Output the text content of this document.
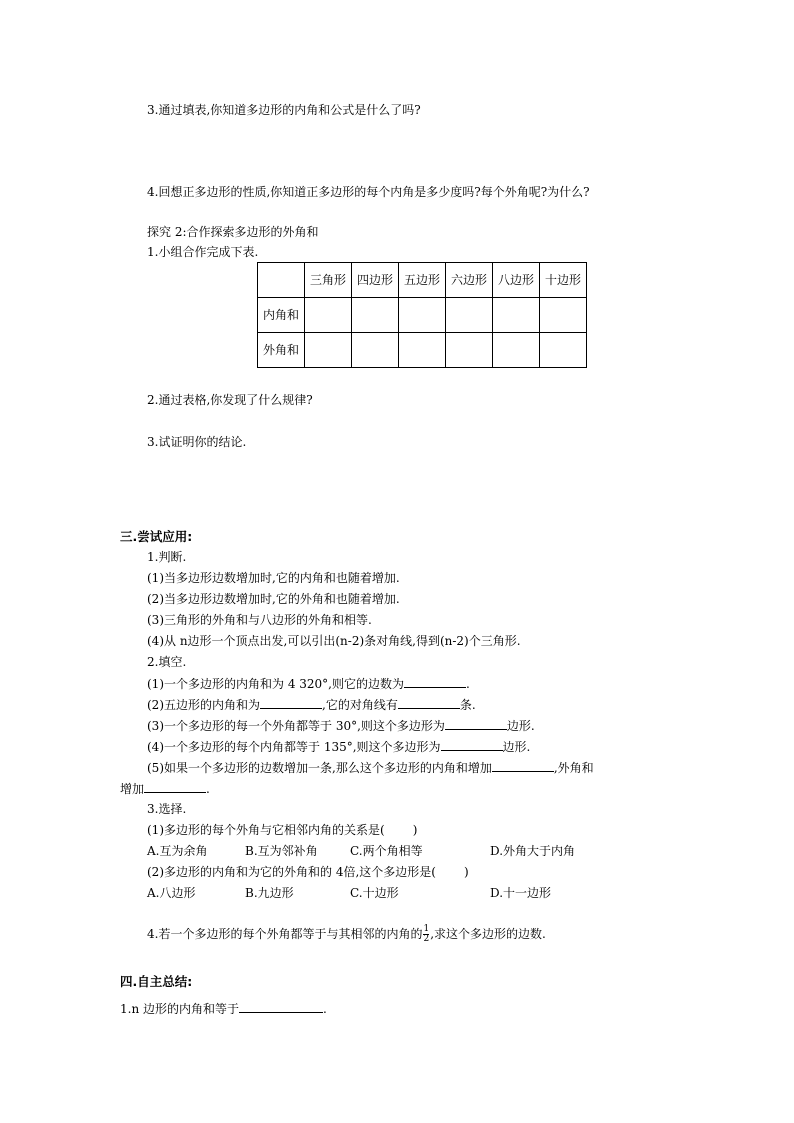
3.通过填表,你知道多边形的内角和公式是什么了吗?
4.回想正多边形的性质,你知道正多边形的每个内角是多少度吗?每个外角呢?为什么?
探究 2:合作探索多边形的外角和
1.小组合作完成下表.
	三角形	四边形	五边形	六边形	八边形	十边形
内角和						
外角和						
2.通过表格,你发现了什么规律?
3.试证明你的结论.
三.尝试应用:
1.判断.
(1)当多边形边数增加时,它的内角和也随着增加.
(2)当多边形边数增加时,它的外角和也随着增加.
(3)三角形的外角和与八边形的外角和相等.
(4)从 n边形一个顶点出发,可以引出(n-2)条对角线,得到(n-2)个三角形.
2.填空.
(1)一个多边形的内角和为 4 320°,则它的边数为	.
(2)五边形的内角和为	,它的对角线有	条.
(3)一个多边形的每一个外角都等于 30°,则这个多边形为	边形.
(4)一个多边形的每个内角都等于 135°,则这个多边形为	边形.
(5)如果一个多边形的边数增加一条,那么这个多边形的内角和增加	,外角和
增加	.
3.选择.
(1)多边形的每个外角与它相邻内角的关系是( )
A.互为余角	B.互为邻补角	C.两个角相等	D.外角大于内角
(2)多边形的内角和为它的外角和的 4倍,这个多边形是( )
A.八边形	B.九边形	C.十边形	D.十一边形
4.若一个多边形的每个外角都等于与其相邻的内角的 $\frac{1}{2}$ ,求这个多边形的边数.
四.自主总结:
1.n 边形的内角和等于	.
